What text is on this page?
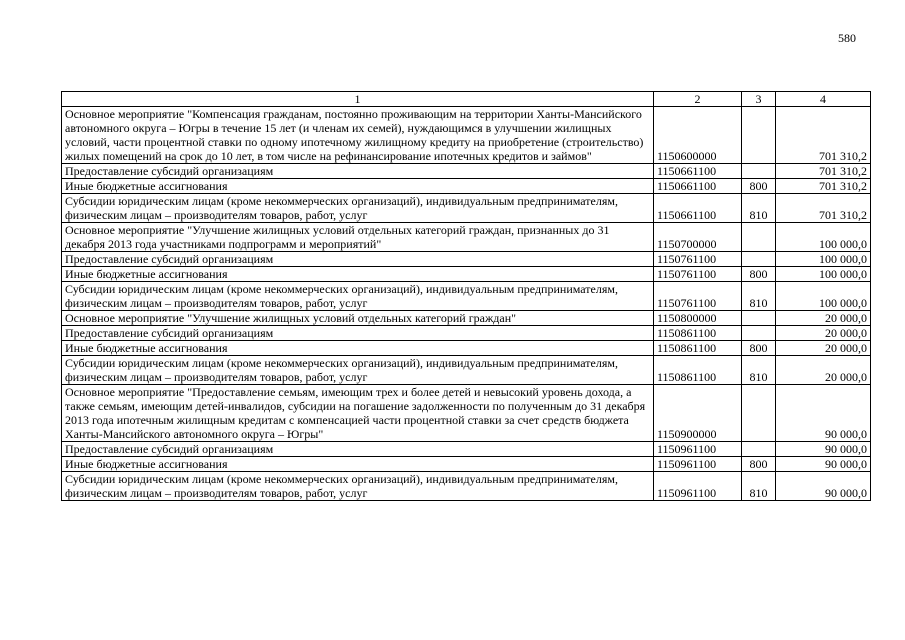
580
1	2	3	4
Основное мероприятие "Компенсация гражданам, постоянно проживающим на территории Ханты-Мансийского автономного округа – Югры в течение 15 лет (и членам их семей), нуждающимся в улучшении жилищных условий, части процентной ставки по одному ипотечному жилищному кредиту на приобретение (строительство) жилых помещений на срок до 10 лет, в том числе на рефинансирование ипотечных кредитов и займов"	1150600000		701 310,2
Предоставление субсидий организациям	1150661100		701 310,2
Иные бюджетные ассигнования	1150661100	800	701 310,2
Субсидии юридическим лицам (кроме некоммерческих организаций), индивидуальным предпринимателям, физическим лицам – производителям товаров, работ, услуг	1150661100	810	701 310,2
Основное мероприятие "Улучшение жилищных условий отдельных категорий граждан, признанных до 31 декабря 2013 года участниками подпрограмм и мероприятий"	1150700000		100 000,0
Предоставление субсидий организациям	1150761100		100 000,0
Иные бюджетные ассигнования	1150761100	800	100 000,0
Субсидии юридическим лицам (кроме некоммерческих организаций), индивидуальным предпринимателям, физическим лицам – производителям товаров, работ, услуг	1150761100	810	100 000,0
Основное мероприятие "Улучшение жилищных условий отдельных категорий граждан"	1150800000		20 000,0
Предоставление субсидий организациям	1150861100		20 000,0
Иные бюджетные ассигнования	1150861100	800	20 000,0
Субсидии юридическим лицам (кроме некоммерческих организаций), индивидуальным предпринимателям, физическим лицам – производителям товаров, работ, услуг	1150861100	810	20 000,0
Основное мероприятие "Предоставление семьям, имеющим трех и более детей и невысокий уровень дохода, а также семьям, имеющим детей-инвалидов, субсидии на погашение задолженности по полученным до 31 декабря 2013 года ипотечным жилищным кредитам с компенсацией части процентной ставки за счет средств бюджета Ханты-Мансийского автономного округа – Югры"	1150900000		90 000,0
Предоставление субсидий организациям	1150961100		90 000,0
Иные бюджетные ассигнования	1150961100	800	90 000,0
Субсидии юридическим лицам (кроме некоммерческих организаций), индивидуальным предпринимателям, физическим лицам – производителям товаров, работ, услуг	1150961100	810	90 000,0
